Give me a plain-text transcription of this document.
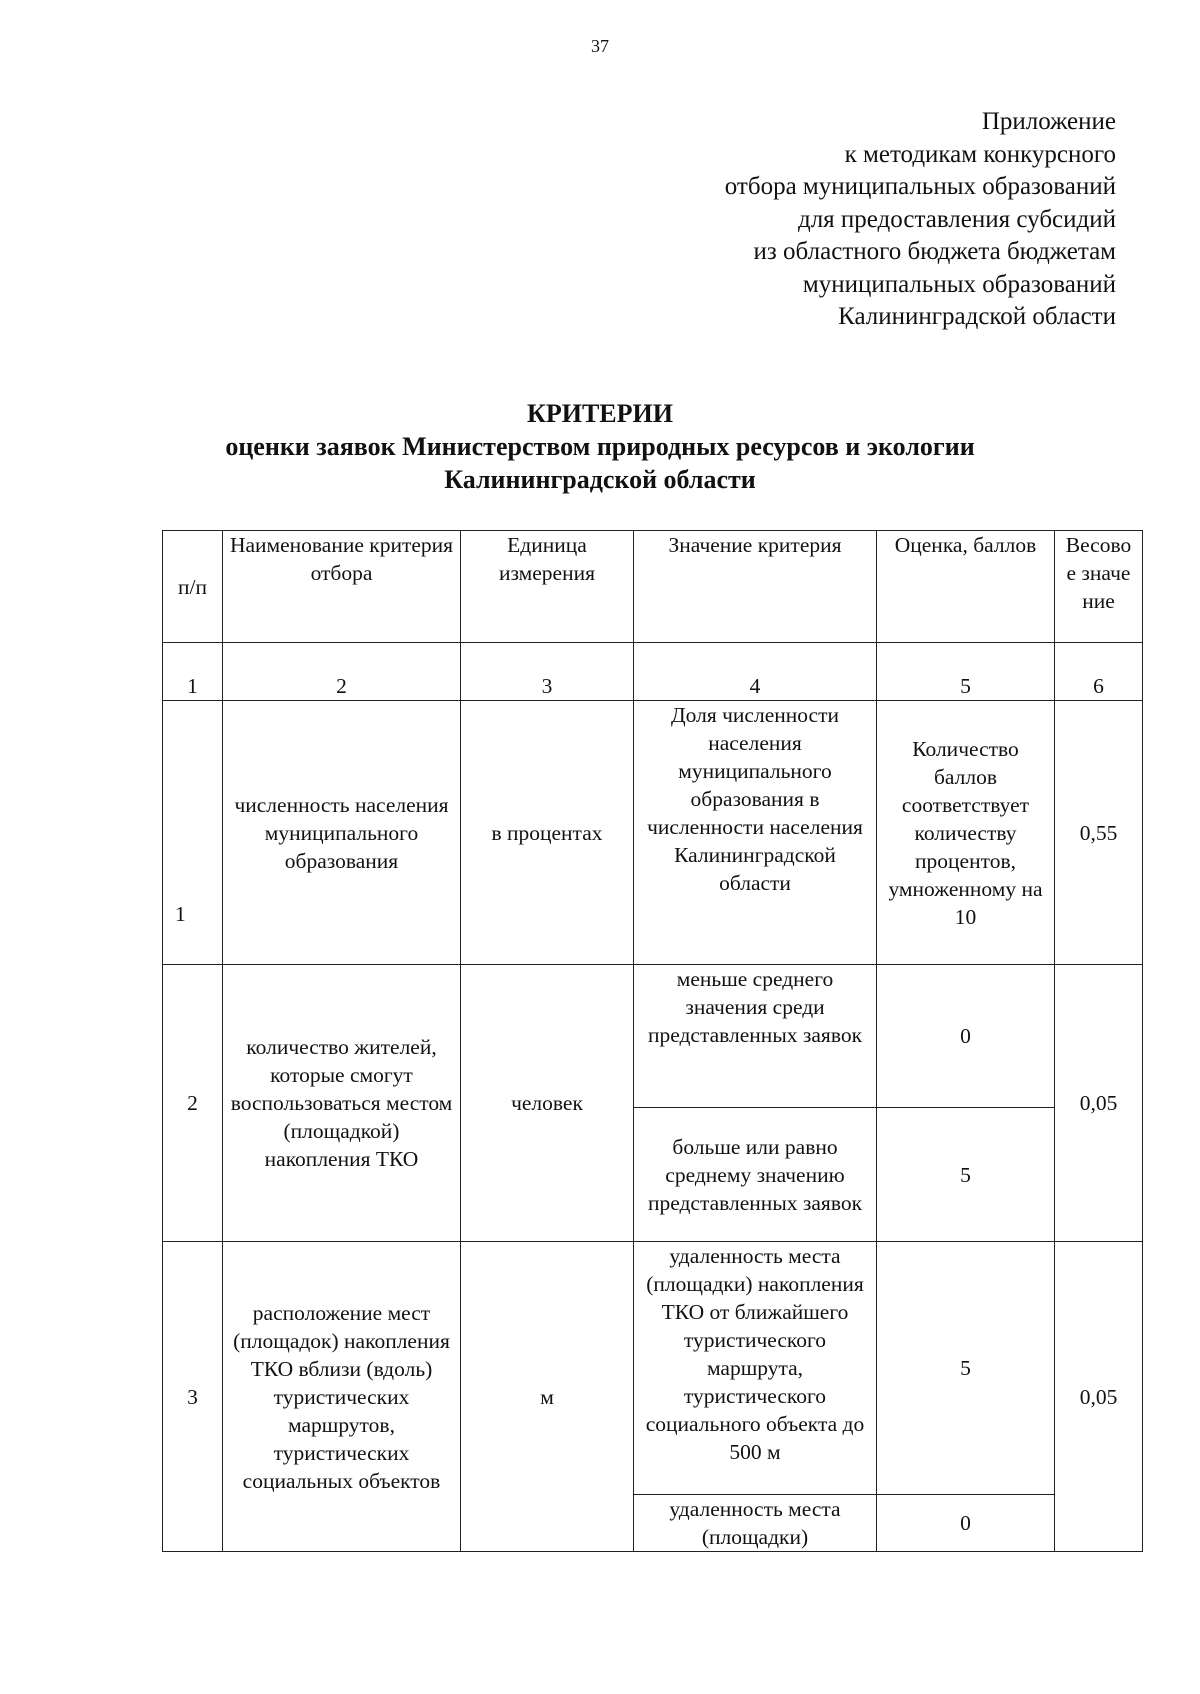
37
Приложение
к методикам конкурсного
отбора муниципальных образований
для предоставления субсидий
из областного бюджета бюджетам
муниципальных образований
Калининградской области
КРИТЕРИИ
оценки заявок Министерством природных ресурсов и экологии
Калининградской области
п/п	Наименование критерия отбора	Единица измерения	Значение критерия	Оценка, баллов	Весовое значение
1	2	3	4	5	6
1	численность населения муниципального образования	в процентах	Доля численности населения муниципального образования в численности населения Калининградской области	Количество баллов соответствует количеству процентов, умноженному на 10	0,55
2	количество жителей, которые смогут воспользоваться местом (площадкой) накопления ТКО	человек	меньше среднего значения среди представленных заявок	0	0,05
			больше или равно среднему значению представленных заявок	5	
3	расположение мест (площадок) накопления ТКО вблизи (вдоль) туристических маршрутов, туристических социальных объектов	м	удаленность места (площадки) накопления ТКО от ближайшего туристического маршрута, туристического социального объекта до 500 м	5	0,05
			удаленность места (площадки)	0	
